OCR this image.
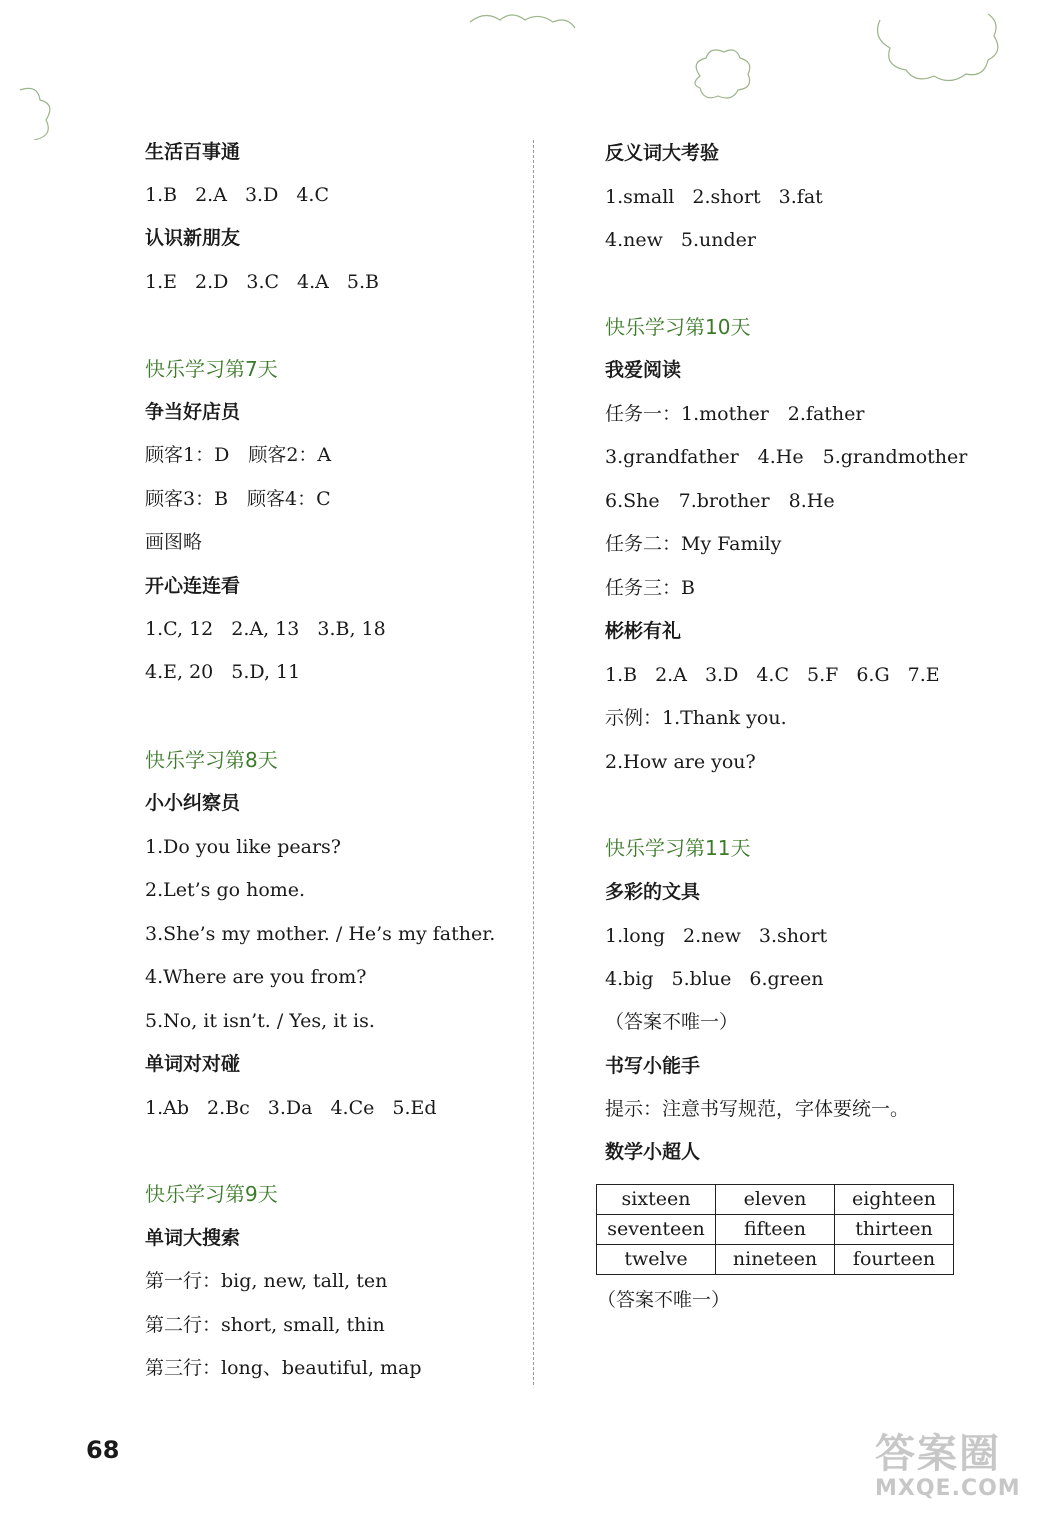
生活百事通
1.B 2.A 3.D 4.C
认识新朋友
1.E 2.D 3.C 4.A 5.B
快乐学习第7天
争当好店员
顾客1：D　顾客2：A
顾客3：B　顾客4：C
画图略
开心连连看
1.C, 12 2.A, 13 3.B, 18
4.E, 20 5.D, 11
快乐学习第8天
小小纠察员
1.Do you like pears?
2.Let’s go home.
3.She’s my mother. / He’s my father.
4.Where are you from?
5.No, it isn’t. / Yes, it is.
单词对对碰
1.Ab 2.Bc 3.Da 4.Ce 5.Ed
快乐学习第9天
单词大搜索
第一行：big, new, tall, ten
第二行：short, small, thin
第三行：long、beautiful, map
反义词大考验
1.small 2.short 3.fat
4.new 5.under
快乐学习第10天
我爱阅读
任务一：1.mother　2.father
3.grandfather　4.He　5.grandmother
6.She　7.brother　8.He
任务二：My Family
任务三：B
彬彬有礼
1.B 2.A 3.D 4.C 5.F 6.G 7.E
示例：1.Thank you.
2.How are you?
快乐学习第11天
多彩的文具
1.long 2.new 3.short
4.big 5.blue 6.green
（答案不唯一）
书写小能手
提示：注意书写规范，字体要统一。
数学小超人
sixteen	eleven	eighteen
seventeen	fifteen	thirteen
twelve	nineteen	fourteen
（答案不唯一）
68	答案圈
MXQE.COM
